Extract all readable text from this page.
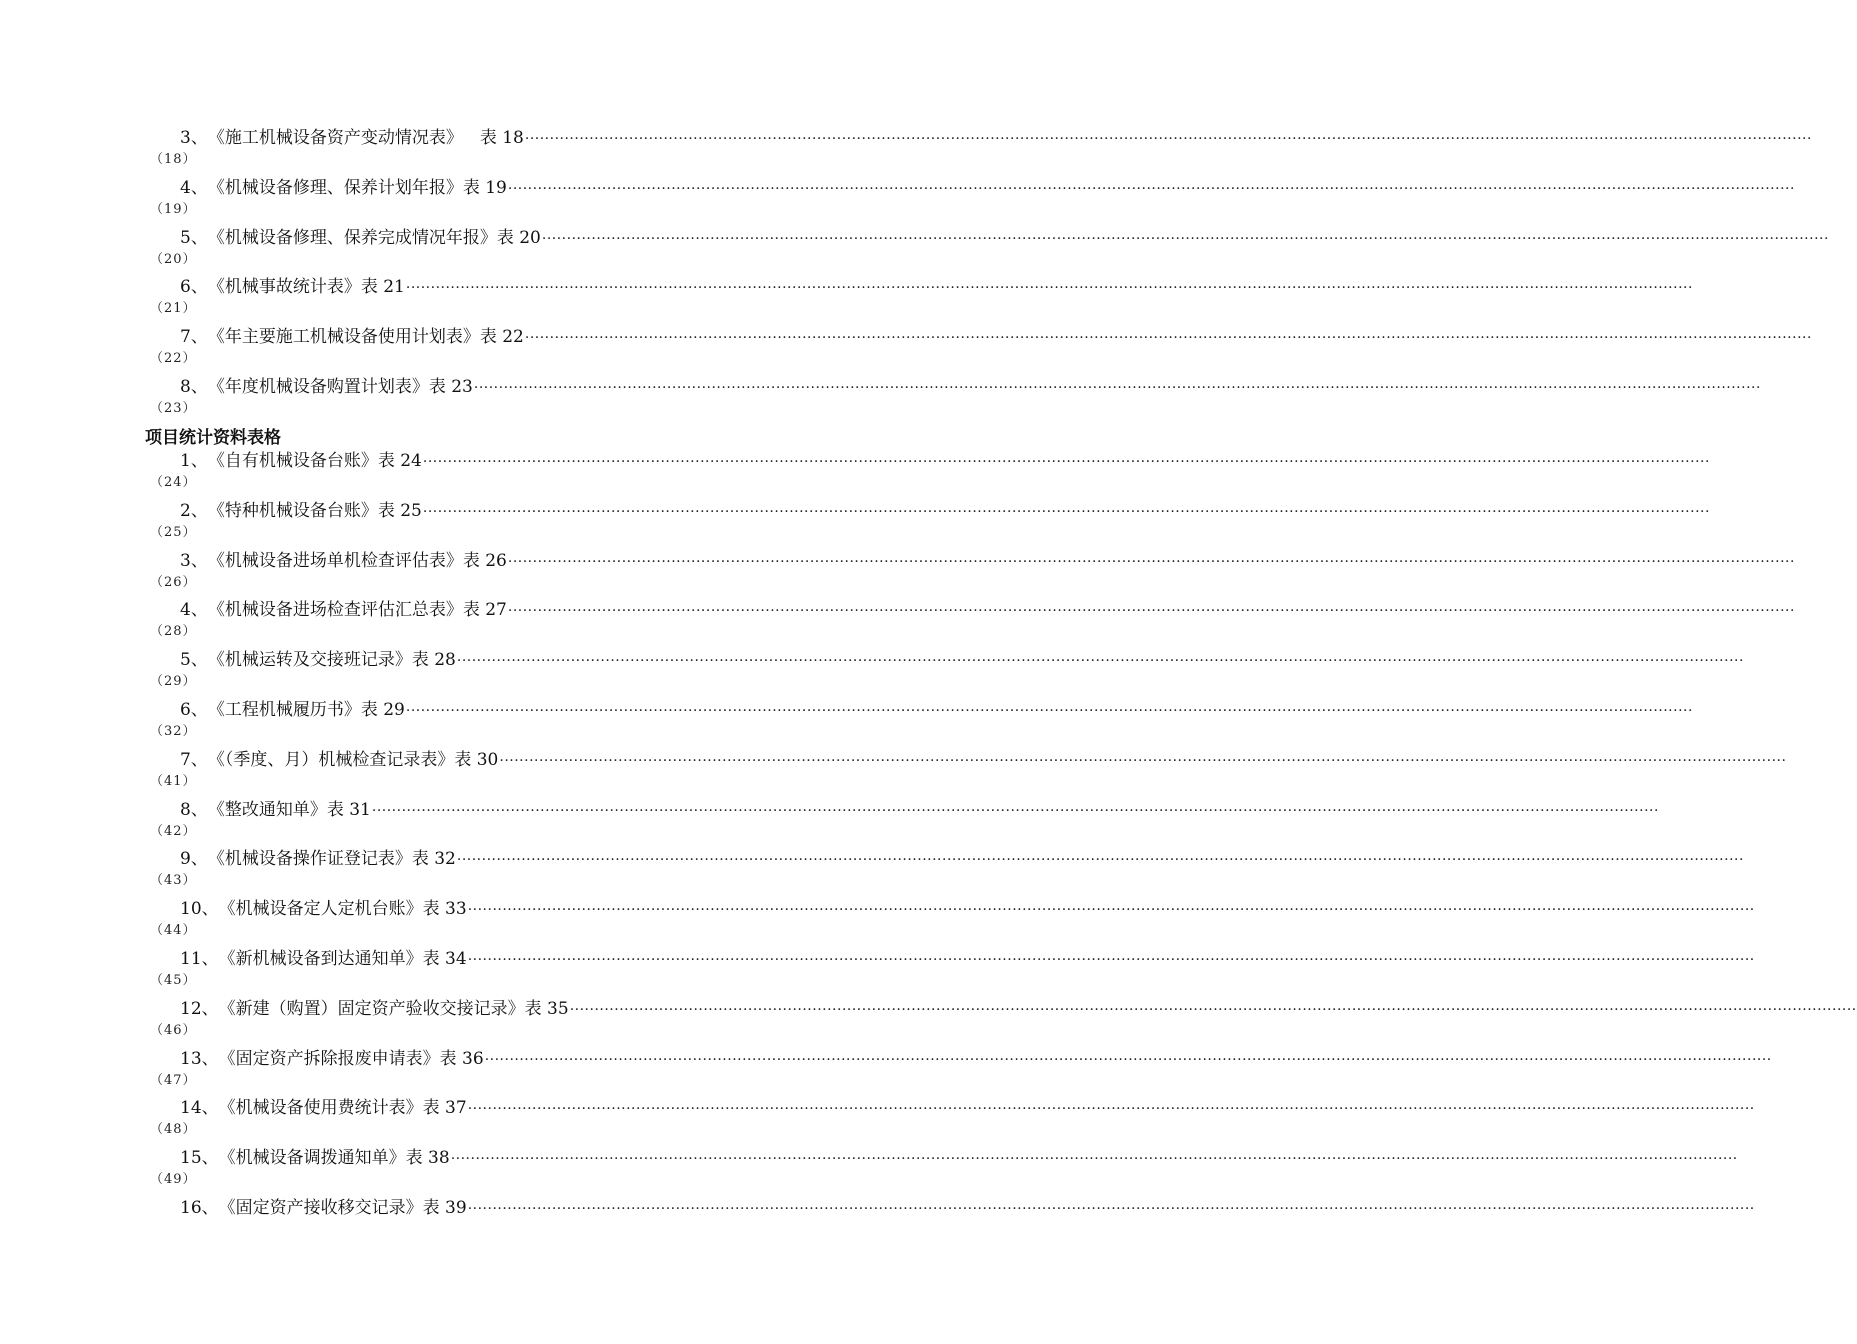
3、 《施工机械设备资产变动情况表》 　表 18 ····································································································································································································································································
（18）
4、 《机械设备修理、保养计划年报》 表 19 ····································································································································································································································································
（19）
5、 《机械设备修理、保养完成情况年报》 表 20 ····································································································································································································································································
（20）
6、 《机械事故统计表》 表 21 ····································································································································································································································································
（21）
7、 《年主要施工机械设备使用计划表》 表 22 ····································································································································································································································································
（22）
8、 《年度机械设备购置计划表》 表 23 ····································································································································································································································································
（23）
项目统计资料表格
1、 《自有机械设备台账》 表 24 ····································································································································································································································································
（24）
2、 《特种机械设备台账》 表 25 ····································································································································································································································································
（25）
3、 《机械设备进场单机检查评估表》 表 26 ····································································································································································································································································
（26）
4、 《机械设备进场检查评估汇总表》 表 27 ····································································································································································································································································
（28）
5、 《机械运转及交接班记录》 表 28 ····································································································································································································································································
（29）
6、 《工程机械履历书》 表 29 ····································································································································································································································································
（32）
7、 《（季度、月）机械检查记录表》 表 30 ····································································································································································································································································
（41）
8、 《整改通知单》 表 31 ····································································································································································································································································
（42）
9、 《机械设备操作证登记表》 表 32 ····································································································································································································································································
（43）
10、 《机械设备定人定机台账》 表 33 ····································································································································································································································································
（44）
11、 《新机械设备到达通知单》 表 34 ····································································································································································································································································
（45）
12、 《新建（购置）固定资产验收交接记录》 表 35 ····································································································································································································································································
（46）
13、 《固定资产拆除报废申请表》 表 36 ····································································································································································································································································
（47）
14、 《机械设备使用费统计表》 表 37 ····································································································································································································································································
（48）
15、 《机械设备调拨通知单》 表 38 ····································································································································································································································································
（49）
16、 《固定资产接收移交记录》 表 39 ····································································································································································································································································
